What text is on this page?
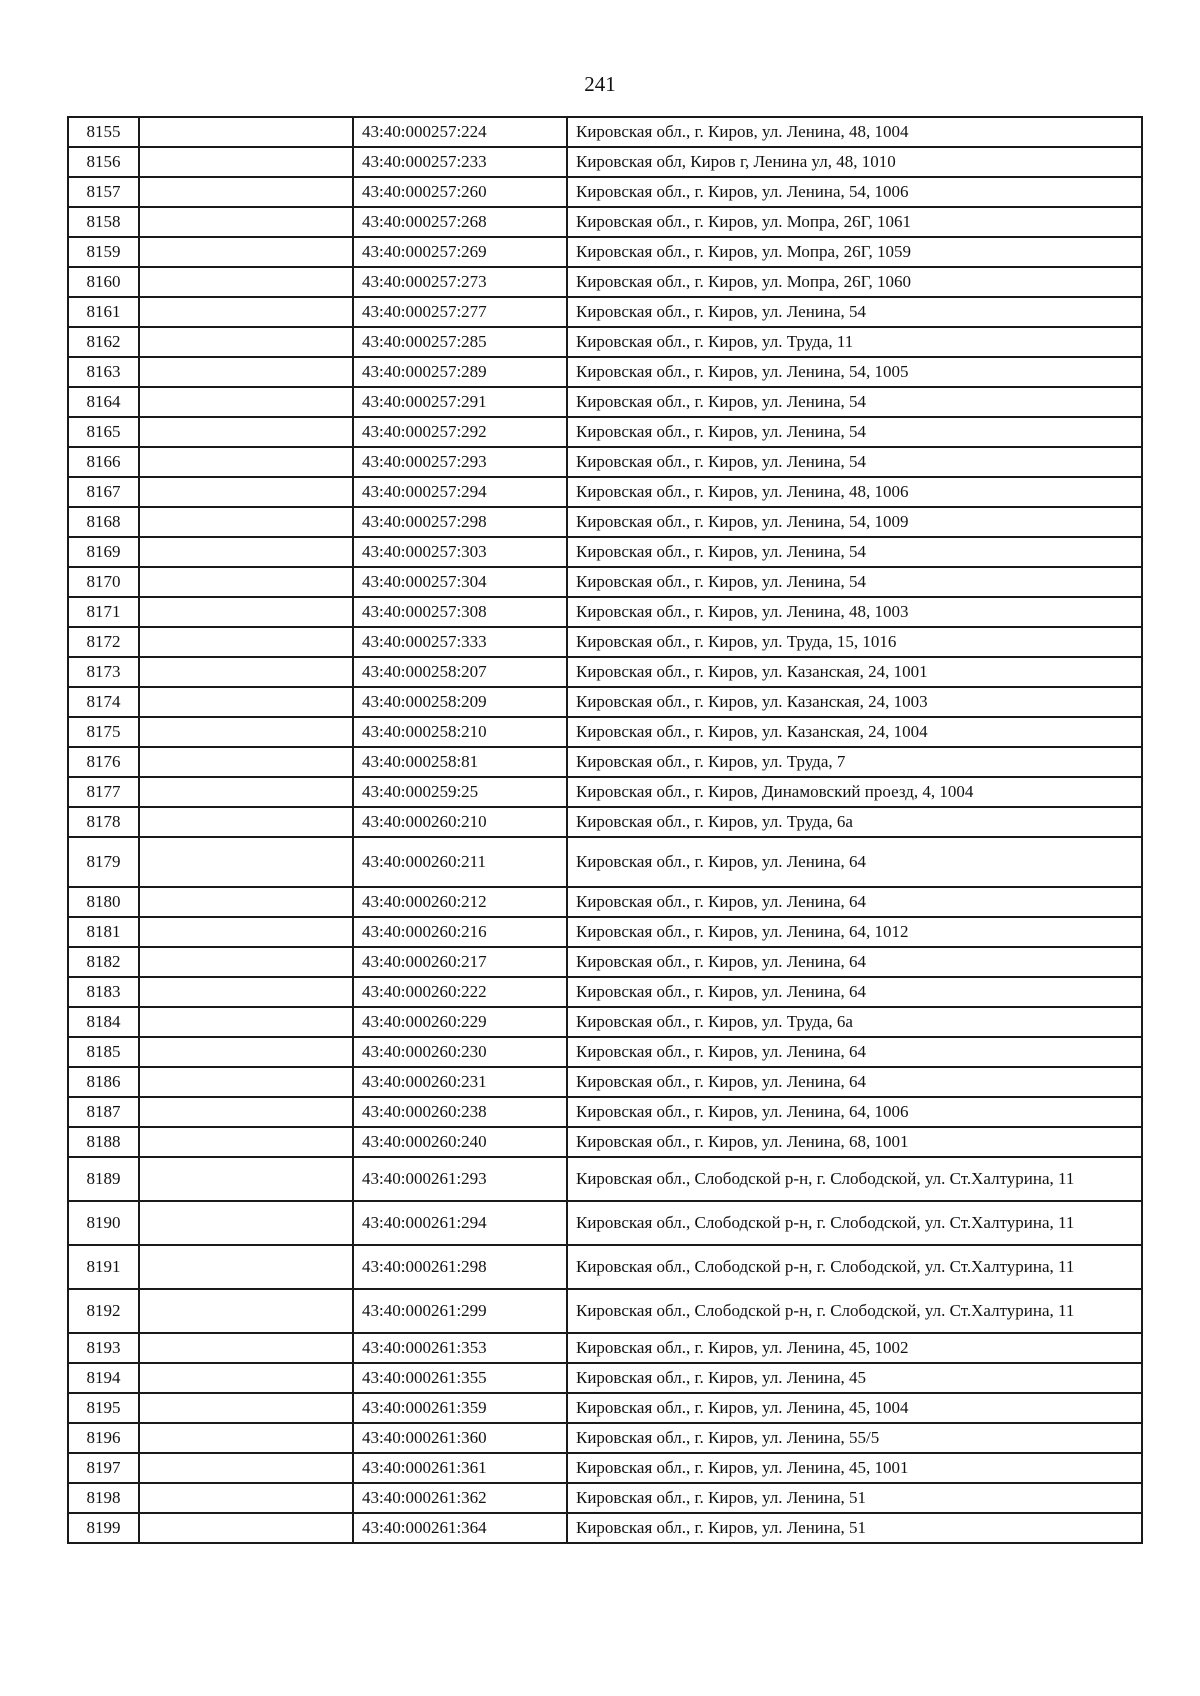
241
8155		43:40:000257:224	Кировская обл., г. Киров, ул. Ленина, 48, 1004
8156		43:40:000257:233	Кировская обл, Киров г, Ленина ул, 48, 1010
8157		43:40:000257:260	Кировская обл., г. Киров, ул. Ленина, 54, 1006
8158		43:40:000257:268	Кировская обл., г. Киров, ул. Мопра, 26Г, 1061
8159		43:40:000257:269	Кировская обл., г. Киров, ул. Мопра, 26Г, 1059
8160		43:40:000257:273	Кировская обл., г. Киров, ул. Мопра, 26Г, 1060
8161		43:40:000257:277	Кировская обл., г. Киров, ул. Ленина, 54
8162		43:40:000257:285	Кировская обл., г. Киров, ул. Труда, 11
8163		43:40:000257:289	Кировская обл., г. Киров, ул. Ленина, 54, 1005
8164		43:40:000257:291	Кировская обл., г. Киров, ул. Ленина, 54
8165		43:40:000257:292	Кировская обл., г. Киров, ул. Ленина, 54
8166		43:40:000257:293	Кировская обл., г. Киров, ул. Ленина, 54
8167		43:40:000257:294	Кировская обл., г. Киров, ул. Ленина, 48, 1006
8168		43:40:000257:298	Кировская обл., г. Киров, ул. Ленина, 54, 1009
8169		43:40:000257:303	Кировская обл., г. Киров, ул. Ленина, 54
8170		43:40:000257:304	Кировская обл., г. Киров, ул. Ленина, 54
8171		43:40:000257:308	Кировская обл., г. Киров, ул. Ленина, 48, 1003
8172		43:40:000257:333	Кировская обл., г. Киров, ул. Труда, 15, 1016
8173		43:40:000258:207	Кировская обл., г. Киров, ул. Казанская, 24, 1001
8174		43:40:000258:209	Кировская обл., г. Киров, ул. Казанская, 24, 1003
8175		43:40:000258:210	Кировская обл., г. Киров, ул. Казанская, 24, 1004
8176		43:40:000258:81	Кировская обл., г. Киров, ул. Труда, 7
8177		43:40:000259:25	Кировская обл., г. Киров, Динамовский проезд, 4, 1004
8178		43:40:000260:210	Кировская обл., г. Киров, ул. Труда, 6а
8179		43:40:000260:211	Кировская обл., г. Киров, ул. Ленина, 64
8180		43:40:000260:212	Кировская обл., г. Киров, ул. Ленина, 64
8181		43:40:000260:216	Кировская обл., г. Киров, ул. Ленина, 64, 1012
8182		43:40:000260:217	Кировская обл., г. Киров, ул. Ленина, 64
8183		43:40:000260:222	Кировская обл., г. Киров, ул. Ленина, 64
8184		43:40:000260:229	Кировская обл., г. Киров, ул. Труда, 6а
8185		43:40:000260:230	Кировская обл., г. Киров, ул. Ленина, 64
8186		43:40:000260:231	Кировская обл., г. Киров, ул. Ленина, 64
8187		43:40:000260:238	Кировская обл., г. Киров, ул. Ленина, 64, 1006
8188		43:40:000260:240	Кировская обл., г. Киров, ул. Ленина, 68, 1001
8189		43:40:000261:293	Кировская обл., Слободской р-н, г. Слободской, ул. Ст.Халтурина, 11
8190		43:40:000261:294	Кировская обл., Слободской р-н, г. Слободской, ул. Ст.Халтурина, 11
8191		43:40:000261:298	Кировская обл., Слободской р-н, г. Слободской, ул. Ст.Халтурина, 11
8192		43:40:000261:299	Кировская обл., Слободской р-н, г. Слободской, ул. Ст.Халтурина, 11
8193		43:40:000261:353	Кировская обл., г. Киров, ул. Ленина, 45, 1002
8194		43:40:000261:355	Кировская обл., г. Киров, ул. Ленина, 45
8195		43:40:000261:359	Кировская обл., г. Киров, ул. Ленина, 45, 1004
8196		43:40:000261:360	Кировская обл., г. Киров, ул. Ленина, 55/5
8197		43:40:000261:361	Кировская обл., г. Киров, ул. Ленина, 45, 1001
8198		43:40:000261:362	Кировская обл., г. Киров, ул. Ленина, 51
8199		43:40:000261:364	Кировская обл., г. Киров, ул. Ленина, 51
